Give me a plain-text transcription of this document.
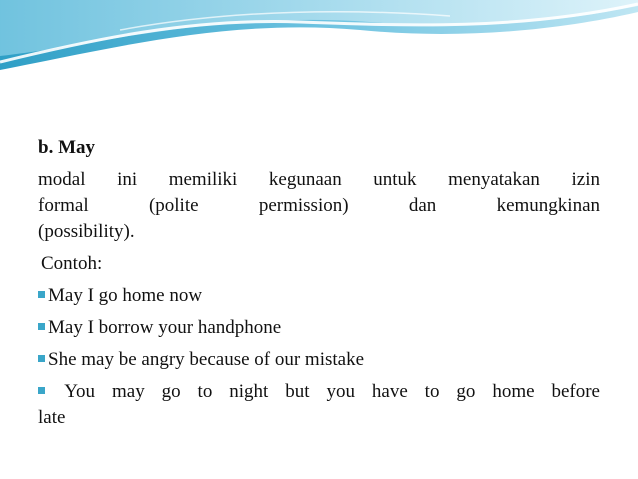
b. May

modal ini memiliki kegunaan untuk menyatakan izin
formal (polite permission) dan kemungkinan
(possibility).

Contoh:
May I go home now
May I borrow your handphone
She may be angry because of our mistake
You may go to night but you have to go home before
late
